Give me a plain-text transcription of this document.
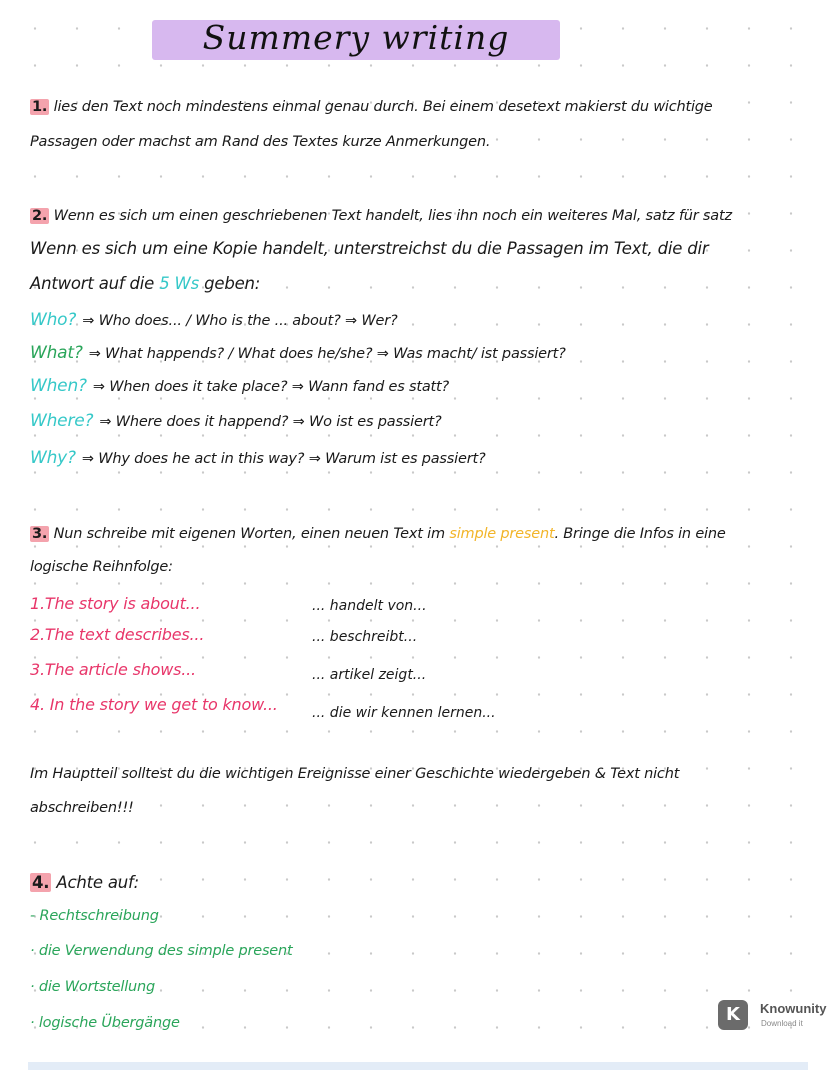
Summery writing
1. lies den Text noch mindestens einmal genau durch. Bei einem desetext makierst du wichtige
Passagen oder machst am Rand des Textes kurze Anmerkungen.
2. Wenn es sich um einen geschriebenen Text handelt, lies ihn noch ein weiteres Mal, satz für satz
Wenn es sich um eine Kopie handelt, unterstreichst du die Passagen im Text, die dir
Antwort auf die 5 Ws geben:
Who? ⇒ Who does... / Who is the ... about? ⇒ Wer?
What? ⇒ What happends? / What does he/she? ⇒ Was macht/ ist passiert?
When? ⇒ When does it take place? ⇒ Wann fand es statt?
Where? ⇒ Where does it happend? ⇒ Wo ist es passiert?
Why? ⇒ Why does he act in this way? ⇒ Warum ist es passiert?
3. Nun schreibe mit eigenen Worten, einen neuen Text im simple present. Bringe die Infos in eine
logische Reihnfolge:
1.The story is about...	... handelt von...
2.The text describes...	... beschreibt...
3.The article shows...	... artikel zeigt...
4. In the story we get to know... ... die wir kennen lernen...
Im Hauptteil solltest du die wichtigen Ereignisse einer Geschichte wiedergeben & Text nicht
abschreiben!!!
4. Achte auf:
- Rechtschreibung
· die Verwendung des simple present
· die Wortstellung
· logische Übergänge	K	Knowunity
Download it
